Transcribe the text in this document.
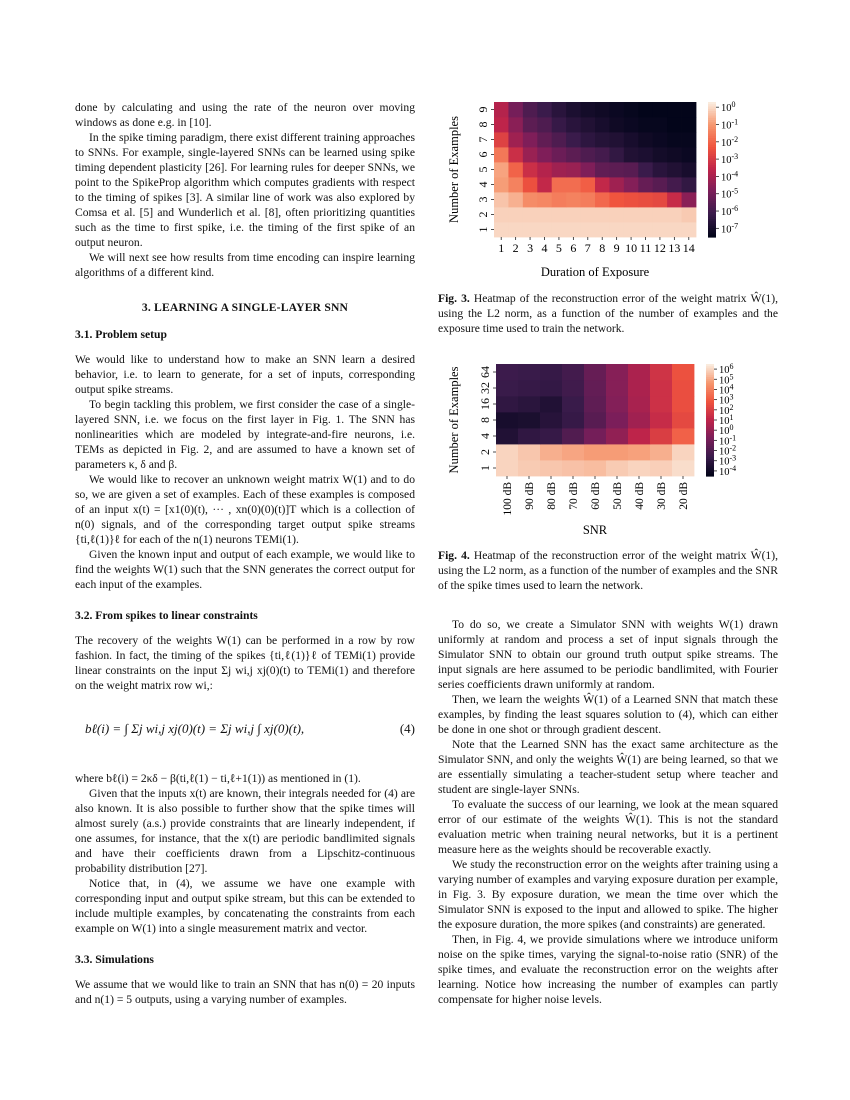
done by calculating and using the rate of the neuron over moving windows as done e.g. in [10].

In the spike timing paradigm, there exist different training approaches to SNNs. For example, single-layered SNNs can be learned using spike timing dependent plasticity [26]. For learning rules for deeper SNNs, we point to the SpikeProp algorithm which computes gradients with respect to the timing of spikes [3]. A similar line of work was also explored by Comsa et al. [5] and Wunderlich et al. [8], often prioritizing quantities such as the time to first spike, i.e. the timing of the first spike of an output neuron.

We will next see how results from time encoding can inspire learning algorithms of a different kind.

3. LEARNING A SINGLE-LAYER SNN
3.1. Problem setup

We would like to understand how to make an SNN learn a desired behavior, i.e. to learn to generate, for a set of inputs, corresponding output spike streams.

To begin tackling this problem, we first consider the case of a single-layered SNN, i.e. we focus on the first layer in Fig. 1. The SNN has nonlinearities which are modeled by integrate-and-fire neurons, i.e. TEMs as depicted in Fig. 2, and are assumed to have a known set of parameters κ, δ and β.

We would like to recover an unknown weight matrix W(1) and to do so, we are given a set of examples. Each of these examples is composed of an input x(t) = [x1(0)(t), ··· , xn(0)(0)(t)]T which is a collection of n(0) signals, and of the corresponding target output spike streams {ti,ℓ(1)}ℓ for each of the n(1) neurons TEMi(1).

Given the known input and output of each example, we would like to find the weights W(1) such that the SNN generates the correct output for each input of the examples.

3.2. From spikes to linear constraints

The recovery of the weights W(1) can be performed in a row by row fashion. In fact, the timing of the spikes {ti,ℓ(1)}ℓ of TEMi(1) provide linear constraints on the input Σj wi,j xj(0)(t) to TEMi(1) and therefore on the weight matrix row wi,:

bℓ(i) = ∫ Σj wi,j xj(0)(t) = Σj wi,j ∫ xj(0)(t),	(4)

where bℓ(i) = 2κδ − β(ti,ℓ(1) − ti,ℓ+1(1)) as mentioned in (1).

Given that the inputs x(t) are known, their integrals needed for (4) are also known. It is also possible to further show that the spike times will almost surely (a.s.) provide constraints that are linearly independent, if one assumes, for instance, that the x(t) are periodic bandlimited signals and have their coefficients drawn from a Lipschitz-continuous probability distribution [27].

Notice that, in (4), we assume we have one example with corresponding input and output spike stream, but this can be extended to include multiple examples, by concatenating the constraints from each example on W(1) into a single measurement matrix and vector.

3.3. Simulations

We assume that we would like to train an SNN that has n(0) = 20 inputs and n(1) = 5 outputs, using a varying number of examples.

1 2 3 4 5 6 7 8 9 10 11 12 13 14
1
2
3
4
5
6
7
8
9
Duration of Exposure
Number of Examples
$10^0$
$10^{-1}$
$10^{-2}$
$10^{-3}$
$10^{-4}$
$10^{-5}$
$10^{-6}$
$10^{-7}$

Fig. 3. Heatmap of the reconstruction error of the weight matrix Ŵ(1), using the L2 norm, as a function of the number of examples and the exposure time used to train the network.

100 dB 90 dB 80 dB 70 dB 60 dB 50 dB 40 dB 30 dB 20 dB
1
2
4
8
16
32
64
SNR
Number of Examples	$10^6$
$10^5$
$10^4$
$10^3$
$10^2$
$10^1$
$10^0$
$10^{-1}$
$10^{-2}$
$10^{-3}$
$10^{-4}$

Fig. 4. Heatmap of the reconstruction error of the weight matrix Ŵ(1), using the L2 norm, as a function of the number of examples and the SNR of the spike times used to learn the network.

To do so, we create a Simulator SNN with weights W(1) drawn uniformly at random and process a set of input signals through the Simulator SNN to obtain our ground truth output spike streams. The input signals are here assumed to be periodic bandlimited, with Fourier series coefficients drawn uniformly at random.

Then, we learn the weights Ŵ(1) of a Learned SNN that match these examples, by finding the least squares solution to (4), which can either be done in one shot or through gradient descent.

Note that the Learned SNN has the exact same architecture as the Simulator SNN, and only the weights Ŵ(1) are being learned, so that we are essentially simulating a teacher-student setup where teacher and student are single-layer SNNs.

To evaluate the success of our learning, we look at the mean squared error of our estimate of the weights Ŵ(1). This is not the standard evaluation metric when training neural networks, but it is a pertinent measure here as the weights should be recoverable exactly.

We study the reconstruction error on the weights after training using a varying number of examples and varying exposure duration per example, in Fig. 3. By exposure duration, we mean the time over which the Simulator SNN is exposed to the input and allowed to spike. The higher the exposure duration, the more spikes (and constraints) are generated.

Then, in Fig. 4, we provide simulations where we introduce uniform noise on the spike times, varying the signal-to-noise ratio (SNR) of the spike times, and evaluate the reconstruction error on the weights after learning. Notice how increasing the number of examples can partly compensate for higher noise levels.
